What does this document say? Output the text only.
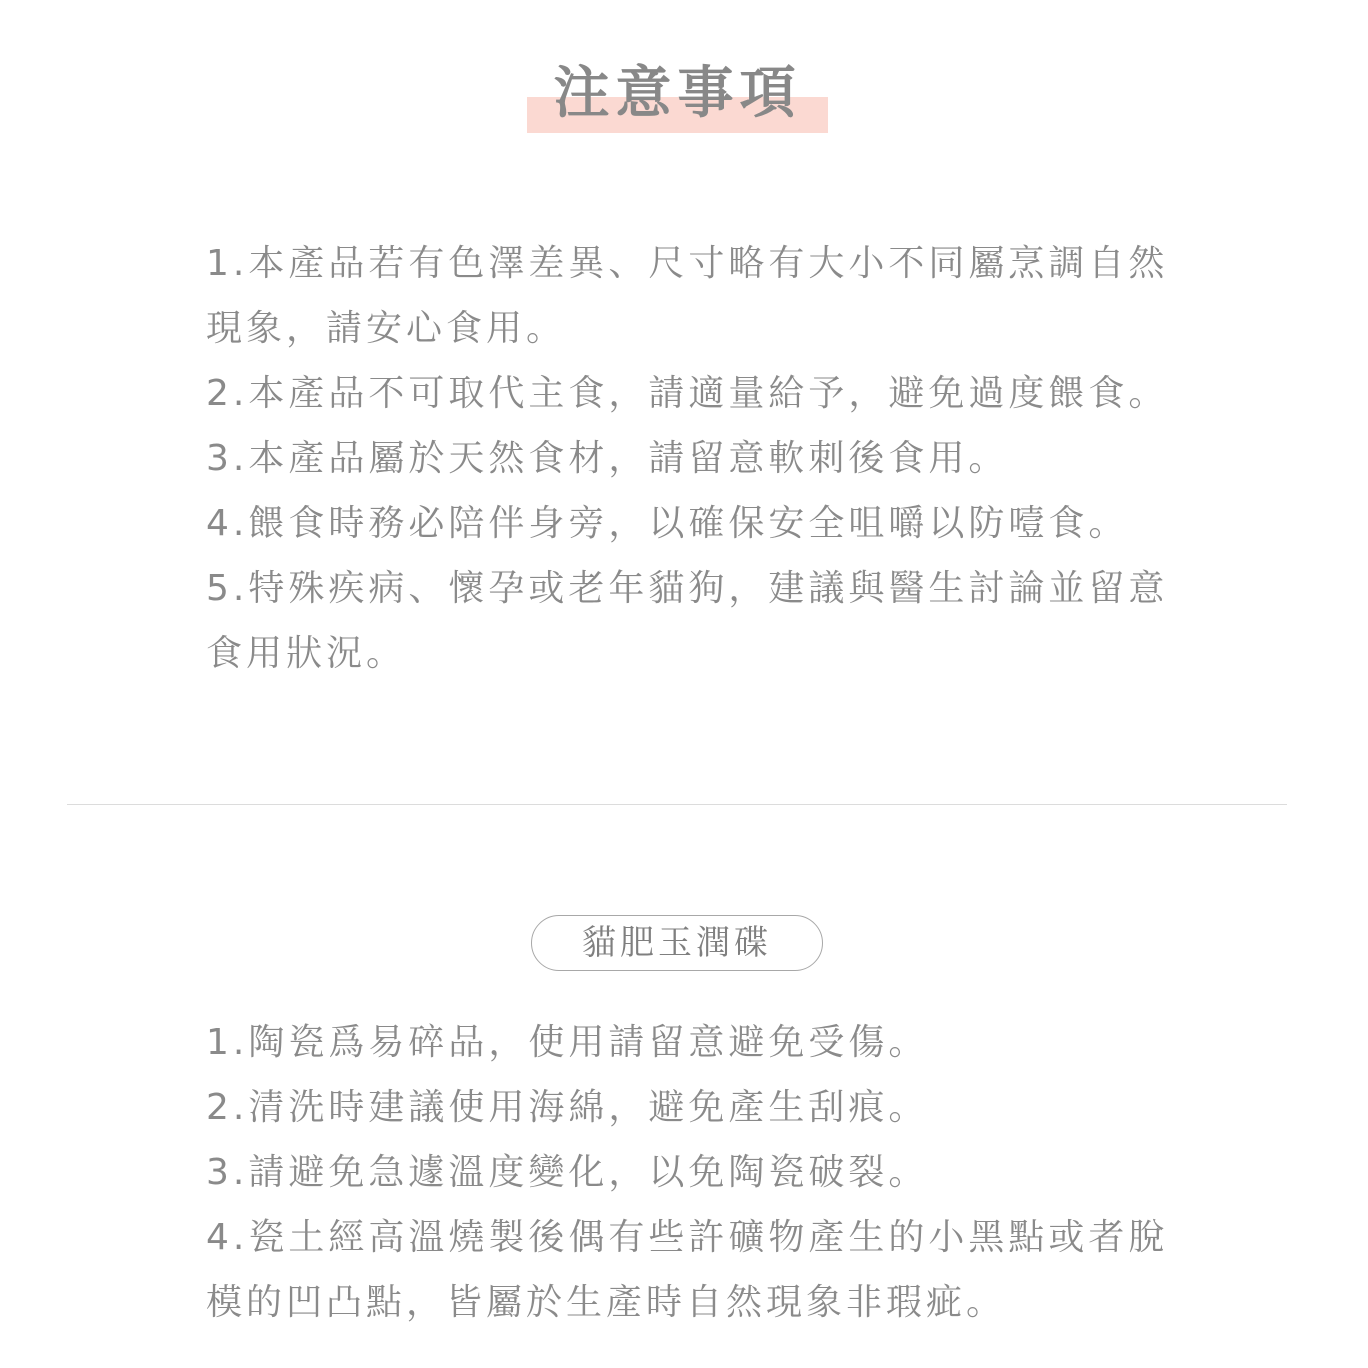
注意事項

1.本產品若有色澤差異、尺寸略有大小不同屬烹調自然現象，請安心食用。

2.本產品不可取代主食，請適量給予，避免過度餵食。

3.本產品屬於天然食材，請留意軟刺後食用。

4.餵食時務必陪伴身旁，以確保安全咀嚼以防噎食。

5.特殊疾病、懷孕或老年貓狗，建議與醫生討論並留意食用狀況。

貓肥玉潤碟

1.陶瓷爲易碎品，使用請留意避免受傷。

2.清洗時建議使用海綿，避免產生刮痕。

3.請避免急遽溫度變化，以免陶瓷破裂。

4.瓷土經高溫燒製後偶有些許礦物產生的小黑點或者脫模的凹凸點，皆屬於生產時自然現象非瑕疵。
